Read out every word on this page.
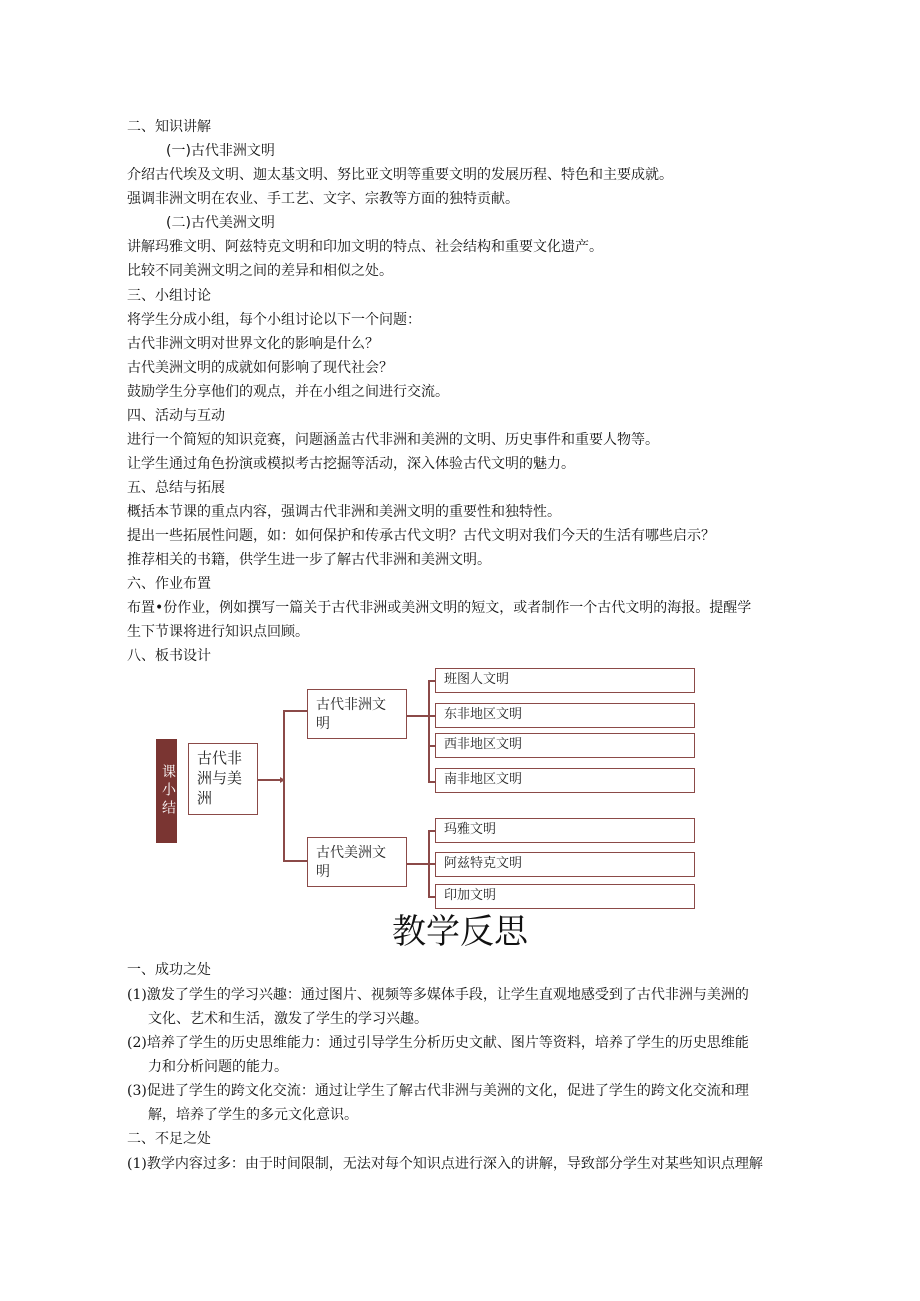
二、知识讲解
(一)古代非洲文明
介绍古代埃及文明、迦太基文明、努比亚文明等重要文明的发展历程、特色和主要成就。
强调非洲文明在农业、手工艺、文字、宗教等方面的独特贡献。
(二)古代美洲文明
讲解玛雅文明、阿兹特克文明和印加文明的特点、社会结构和重要文化遗产。
比较不同美洲文明之间的差异和相似之处。
三、小组讨论
将学生分成小组，每个小组讨论以下一个问题：
古代非洲文明对世界文化的影响是什么？
古代美洲文明的成就如何影响了现代社会？
鼓励学生分享他们的观点，并在小组之间进行交流。
四、活动与互动
进行一个简短的知识竞赛，问题涵盖古代非洲和美洲的文明、历史事件和重要人物等。
让学生通过角色扮演或模拟考古挖掘等活动，深入体验古代文明的魅力。
五、总结与拓展
概括本节课的重点内容，强调古代非洲和美洲文明的重要性和独特性。
提出一些拓展性问题，如：如何保护和传承古代文明？古代文明对我们今天的生活有哪些启示？
推荐相关的书籍，供学生进一步了解古代非洲和美洲文明。
六、作业布置
布置•份作业，例如撰写一篇关于古代非洲或美洲文明的短文，或者制作一个古代文明的海报。提醒学
生下节课将进行知识点回顾。
八、板书设计
课小结
古代非洲与美洲
古代非洲文明
古代美洲文明
班图人文明
东非地区文明
西非地区文明
南非地区文明
玛雅文明
阿兹特克文明
印加文明
教学反思
一、成功之处
(1)激发了学生的学习兴趣：通过图片、视频等多媒体手段，让学生直观地感受到了古代非洲与美洲的
文化、艺术和生活，激发了学生的学习兴趣。
(2)培养了学生的历史思维能力：通过引导学生分析历史文献、图片等资料，培养了学生的历史思维能
力和分析问题的能力。
(3)促进了学生的跨文化交流：通过让学生了解古代非洲与美洲的文化，促进了学生的跨文化交流和理
解，培养了学生的多元文化意识。
二、不足之处
(1)教学内容过多：由于时间限制，无法对每个知识点进行深入的讲解，导致部分学生对某些知识点理解
